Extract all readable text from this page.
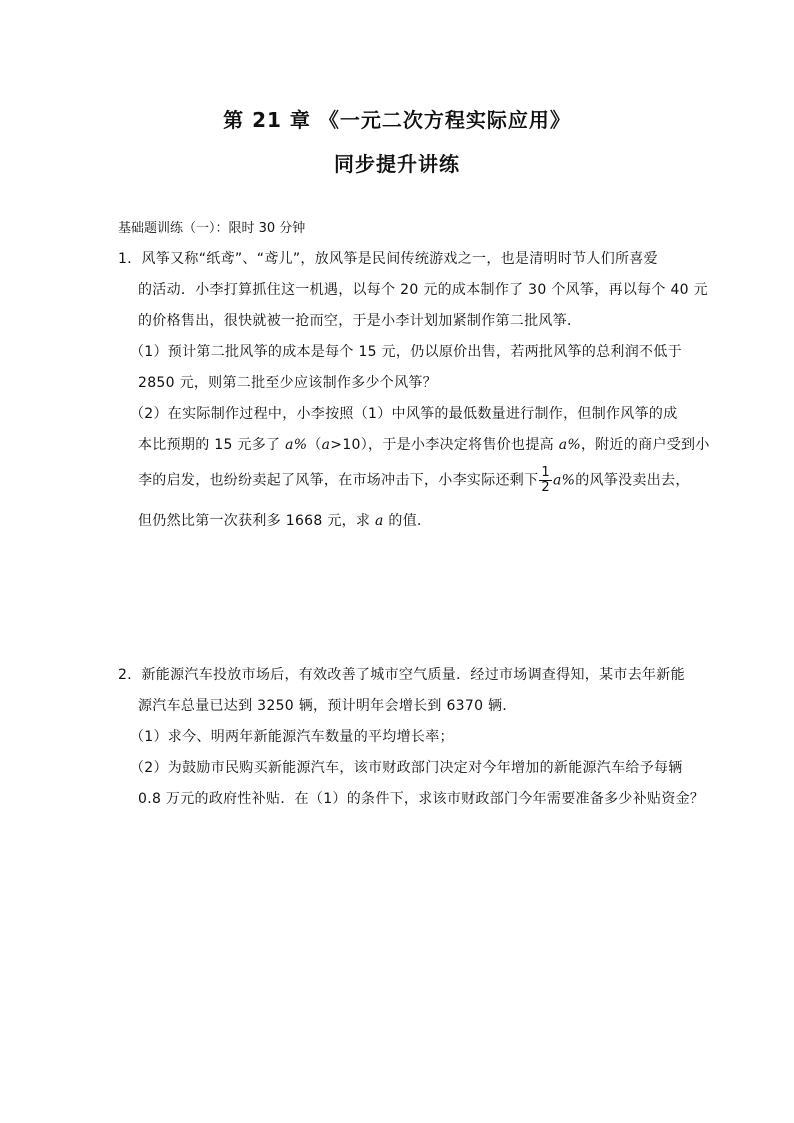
第 21 章 《一元二次方程实际应用》
同步提升讲练
基础题训练（一）：限时 30 分钟
1．风筝又称“纸鸢”、“鸢儿”，放风筝是民间传统游戏之一，也是清明时节人们所喜爱
的活动．小李打算抓住这一机遇，以每个 20 元的成本制作了 30 个风筝，再以每个 40 元
的价格售出，很快就被一抢而空，于是小李计划加紧制作第二批风筝．
（1）预计第二批风筝的成本是每个 15 元，仍以原价出售，若两批风筝的总利润不低于
2850 元，则第二批至少应该制作多少个风筝？
（2）在实际制作过程中，小李按照（1）中风筝的最低数量进行制作，但制作风筝的成
本比预期的 15 元多了 a%（a>10），于是小李决定将售价也提高 a%，附近的商户受到小
李的启发，也纷纷卖起了风筝，在市场冲击下，小李实际还剩下 $\frac{1}{2} a\%$的风筝没卖出去，
但仍然比第一次获利多 1668 元，求 a 的值．
2．新能源汽车投放市场后，有效改善了城市空气质量．经过市场调查得知，某市去年新能
源汽车总量已达到 3250 辆，预计明年会增长到 6370 辆．
（1）求今、明两年新能源汽车数量的平均增长率；
（2）为鼓励市民购买新能源汽车，该市财政部门决定对今年增加的新能源汽车给予每辆
0.8 万元的政府性补贴．在（1）的条件下，求该市财政部门今年需要准备多少补贴资金？
